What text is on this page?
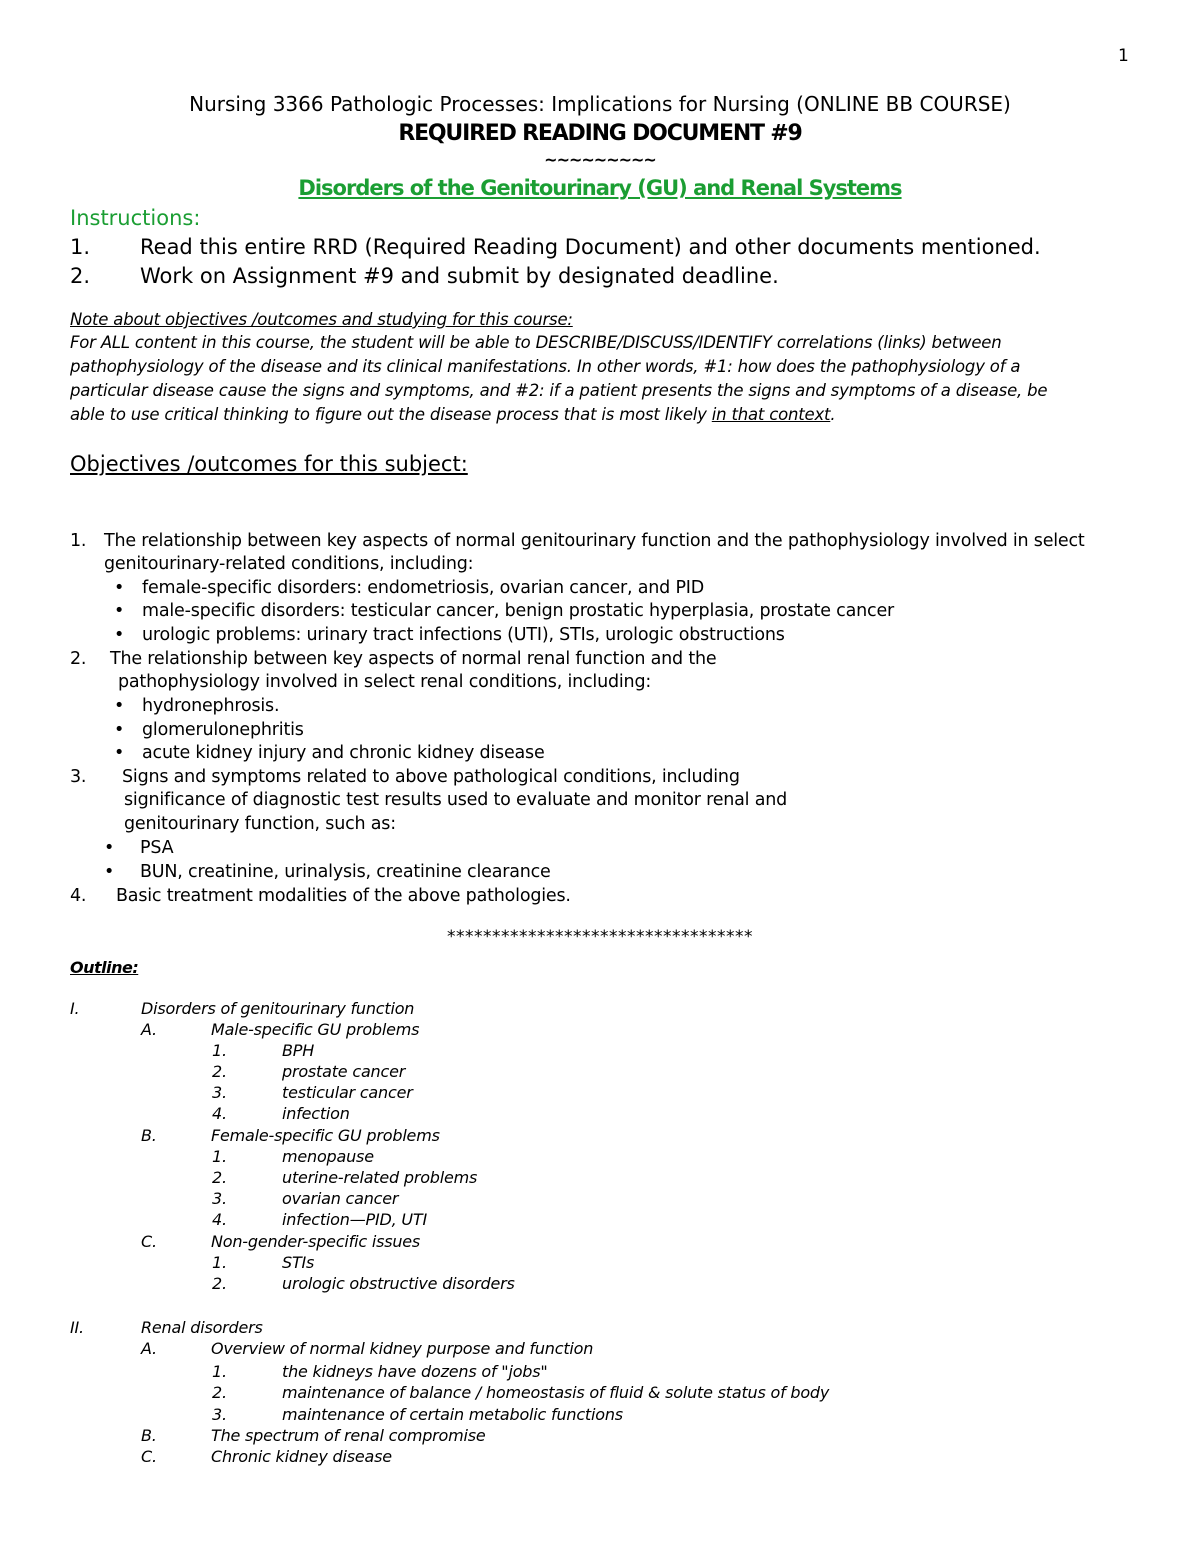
1
Nursing 3366 Pathologic Processes: Implications for Nursing (ONLINE BB COURSE)
REQUIRED READING DOCUMENT #9
~~~~~~~~~
Disorders of the Genitourinary (GU) and Renal Systems
Instructions:
1. Read this entire RRD (Required Reading Document) and other documents mentioned.
2. Work on Assignment #9 and submit by designated deadline.
Note about objectives /outcomes and studying for this course:
For ALL content in this course, the student will be able to DESCRIBE/DISCUSS/IDENTIFY correlations (links) between
pathophysiology of the disease and its clinical manifestations. In other words, #1: how does the pathophysiology of a
particular disease cause the signs and symptoms, and #2: if a patient presents the signs and symptoms of a disease, be
able to use critical thinking to figure out the disease process that is most likely in that context.
Objectives /outcomes for this subject:
1. The relationship between key aspects of normal genitourinary function and the pathophysiology involved in select
genitourinary-related conditions, including:
• female-specific disorders: endometriosis, ovarian cancer, and PID
• male-specific disorders: testicular cancer, benign prostatic hyperplasia, prostate cancer
• urologic problems: urinary tract infections (UTI), STIs, urologic obstructions
2. The relationship between key aspects of normal renal function and the
pathophysiology involved in select renal conditions, including:
• hydronephrosis.
• glomerulonephritis
• acute kidney injury and chronic kidney disease
3. Signs and symptoms related to above pathological conditions, including
significance of diagnostic test results used to evaluate and monitor renal and
genitourinary function, such as:
• PSA
• BUN, creatinine, urinalysis, creatinine clearance
4. Basic treatment modalities of the above pathologies.
**********************************
Outline:
I.	Disorders of genitourinary function
A.	Male-specific GU problems
1.	BPH
2.	prostate cancer
3.	testicular cancer
4.	infection
B.	Female-specific GU problems
1.	menopause
2.	uterine-related problems
3.	ovarian cancer
4.	infection—PID, UTI
C.	Non-gender-specific issues
1.	STIs
2.	urologic obstructive disorders
II.	Renal disorders
A.	Overview of normal kidney purpose and function
1.	the kidneys have dozens of "jobs"
2.	maintenance of balance / homeostasis of fluid & solute status of body
3.	maintenance of certain metabolic functions
B.	The spectrum of renal compromise
C.	Chronic kidney disease
